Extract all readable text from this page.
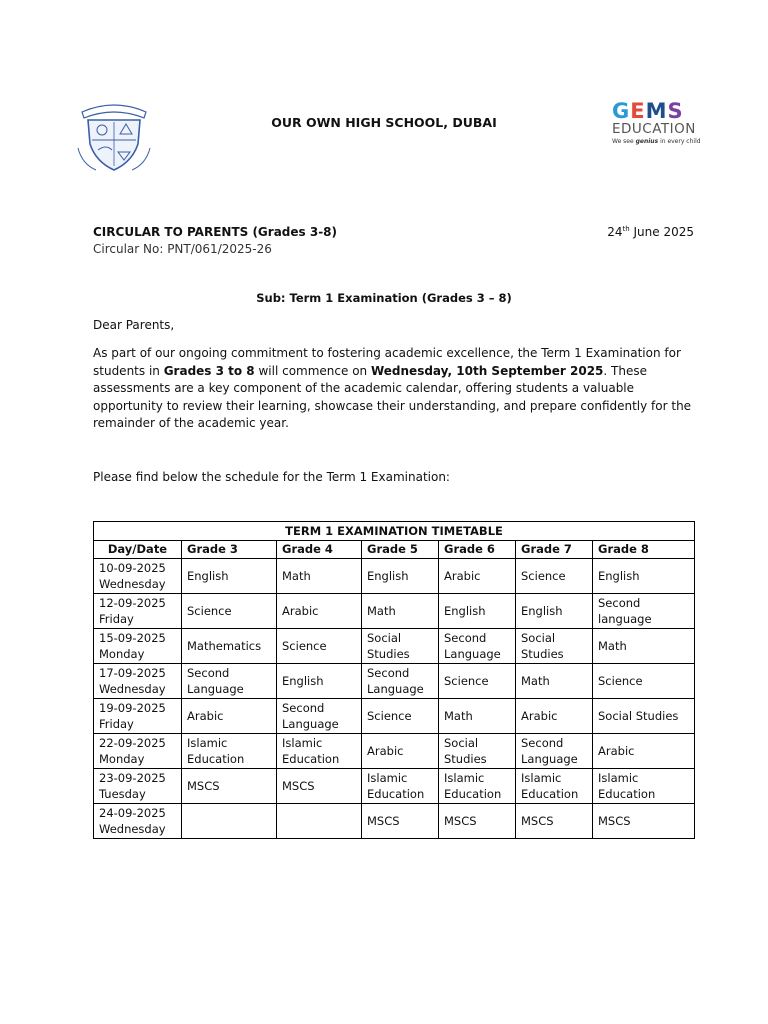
OUR OWN HIGH SCHOOL, DUBAI	GEMS
EDUCATION
We see genius in every child
CIRCULAR TO PARENTS (Grades 3-8)	24th June 2025
Circular No: PNT/061/2025-26
Sub: Term 1 Examination (Grades 3 – 8)
Dear Parents,
As part of our ongoing commitment to fostering academic excellence, the Term 1 Examination for students in Grades 3 to 8 will commence on Wednesday, 10th September 2025. These assessments are a key component of the academic calendar, offering students a valuable opportunity to review their learning, showcase their understanding, and prepare confidently for the remainder of the academic year.
Please find below the schedule for the Term 1 Examination:
TERM 1 EXAMINATION TIMETABLE						
Day/Date	Grade 3	Grade 4	Grade 5	Grade 6	Grade 7	Grade 8

10-09-2025
Wednesday	English	Math	English	Arabic	Science	English

12-09-2025
Friday	Science	Arabic	Math	English	English	Second language

15-09-2025
Monday	Mathematics	Science	Social Studies	Second Language	Social Studies	Math

17-09-2025
Wednesday	Second Language	English	Second Language	Science	Math	Science

19-09-2025
Friday	Arabic	Second Language	Science	Math	Arabic	Social Studies

22-09-2025
Monday	Islamic Education	Islamic Education	Arabic	Social Studies	Second Language	Arabic

23-09-2025
Tuesday	MSCS	MSCS	Islamic Education	Islamic Education	Islamic Education	Islamic Education

24-09-2025
Wednesday			MSCS	MSCS	MSCS	MSCS
